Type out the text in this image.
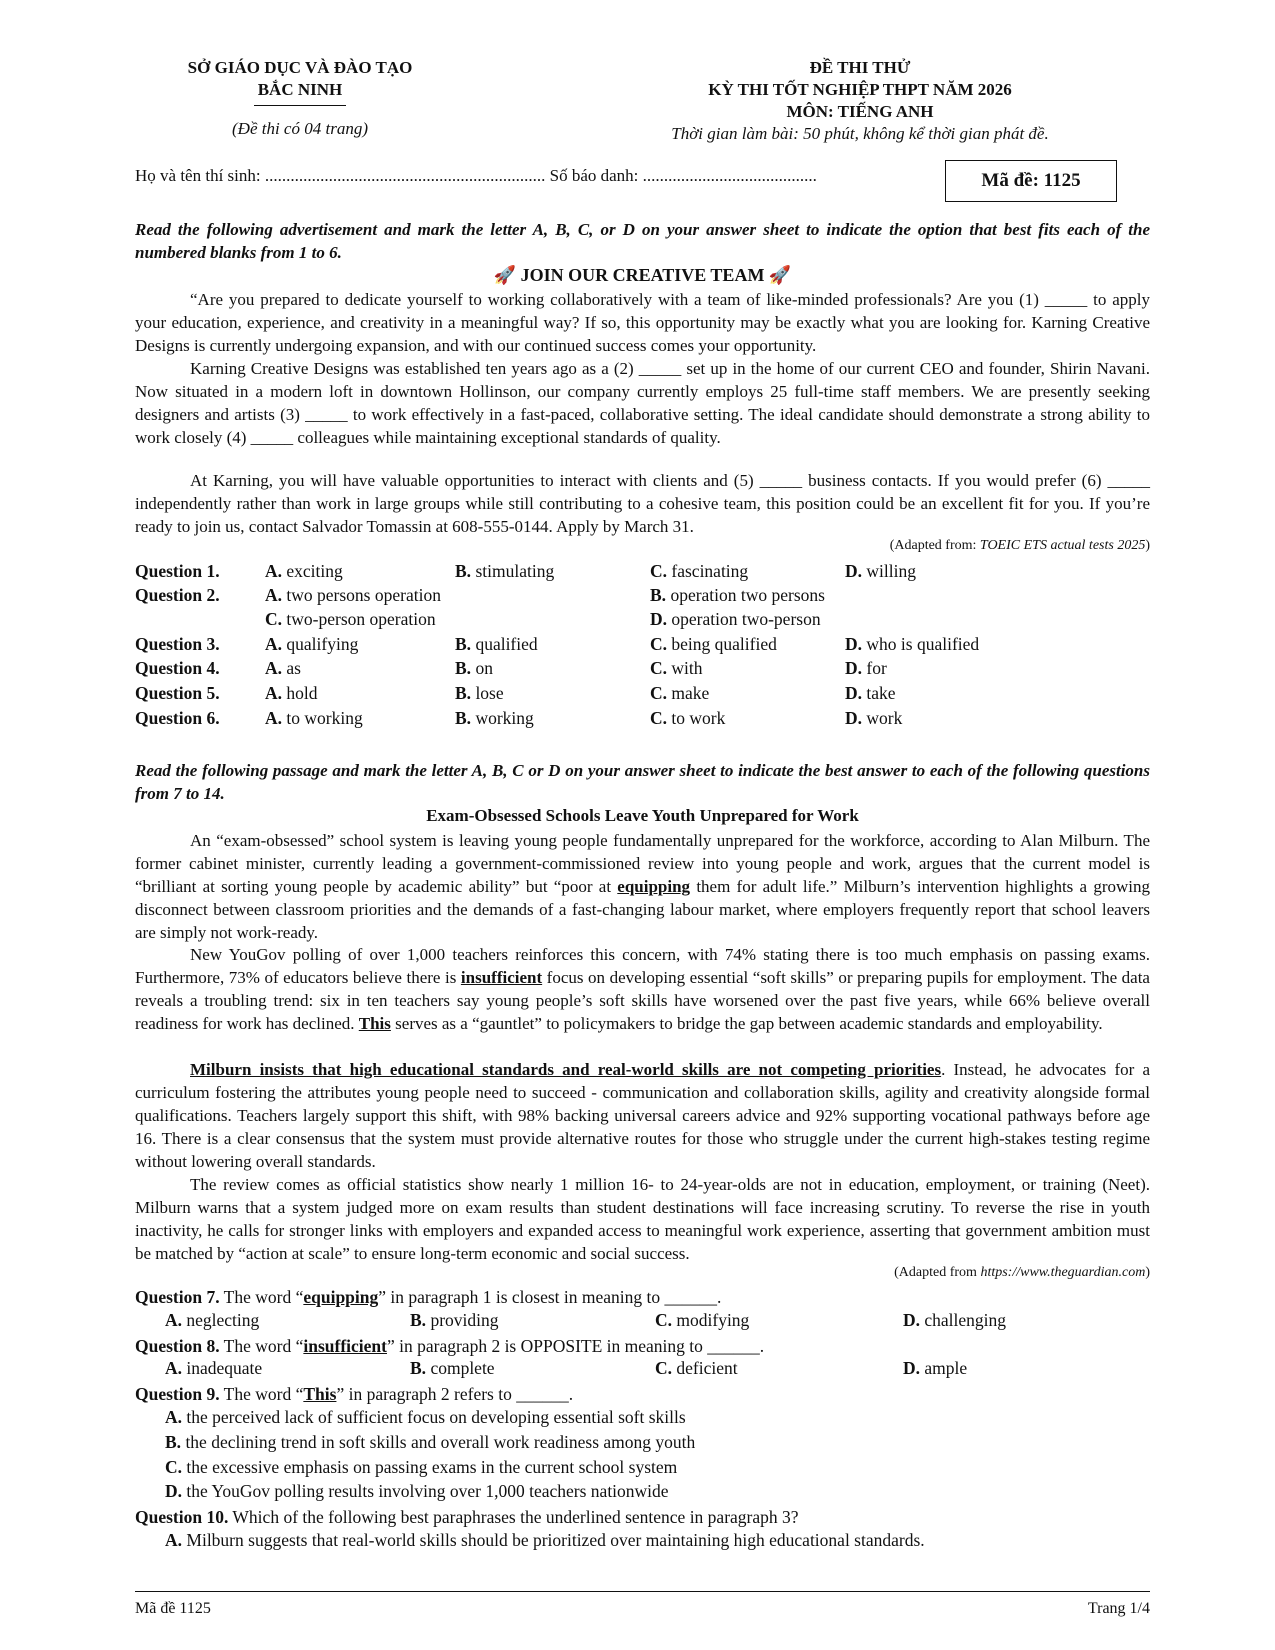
SỞ GIÁO DỤC VÀ ĐÀO TẠO
BẮC NINH
(Đề thi có 04 trang)
ĐỀ THI THỬ
KỲ THI TỐT NGHIỆP THPT NĂM 2026
MÔN: TIẾNG ANH
Thời gian làm bài: 50 phút, không kể thời gian phát đề.
Họ và tên thí sinh: .................................................................. Số báo danh: .........................................	Mã đề: 1125
Read the following advertisement and mark the letter A, B, C, or D on your answer sheet to indicate the option that best fits each of the numbered blanks from 1 to 6.
🚀 JOIN OUR CREATIVE TEAM 🚀
“Are you prepared to dedicate yourself to working collaboratively with a team of like-minded professionals? Are you (1) _____ to apply your education, experience, and creativity in a meaningful way? If so, this opportunity may be exactly what you are looking for. Karning Creative Designs is currently undergoing expansion, and with our continued success comes your opportunity.
Karning Creative Designs was established ten years ago as a (2) _____ set up in the home of our current CEO and founder, Shirin Navani. Now situated in a modern loft in downtown Hollinson, our company currently employs 25 full-time staff members. We are presently seeking designers and artists (3) _____ to work effectively in a fast-paced, collaborative setting. The ideal candidate should demonstrate a strong ability to work closely (4) _____ colleagues while maintaining exceptional standards of quality.
At Karning, you will have valuable opportunities to interact with clients and (5) _____ business contacts. If you would prefer (6) _____ independently rather than work in large groups while still contributing to a cohesive team, this position could be an excellent fit for you. If you’re ready to join us, contact Salvador Tomassin at 608-555-0144. Apply by March 31.
(Adapted from: TOEIC ETS actual tests 2025)
Question 1.	A. exciting	B. stimulating	C. fascinating	D. willing
Question 2.	A. two persons operation	B. operation two persons
C. two-person operation	D. operation two-person
Question 3.	A. qualifying	B. qualified	C. being qualified	D. who is qualified
Question 4.	A. as	B. on	C. with	D. for
Question 5.	A. hold	B. lose	C. make	D. take
Question 6.	A. to working	B. working	C. to work	D. work
Read the following passage and mark the letter A, B, C or D on your answer sheet to indicate the best answer to each of the following questions from 7 to 14.
Exam-Obsessed Schools Leave Youth Unprepared for Work
An “exam-obsessed” school system is leaving young people fundamentally unprepared for the workforce, according to Alan Milburn. The former cabinet minister, currently leading a government-commissioned review into young people and work, argues that the current model is “brilliant at sorting young people by academic ability” but “poor at equipping them for adult life.” Milburn’s intervention highlights a growing disconnect between classroom priorities and the demands of a fast-changing labour market, where employers frequently report that school leavers are simply not work-ready.
New YouGov polling of over 1,000 teachers reinforces this concern, with 74% stating there is too much emphasis on passing exams. Furthermore, 73% of educators believe there is insufficient focus on developing essential “soft skills” or preparing pupils for employment. The data reveals a troubling trend: six in ten teachers say young people’s soft skills have worsened over the past five years, while 66% believe overall readiness for work has declined. This serves as a “gauntlet” to policymakers to bridge the gap between academic standards and employability.
Milburn insists that high educational standards and real-world skills are not competing priorities. Instead, he advocates for a curriculum fostering the attributes young people need to succeed - communication and collaboration skills, agility and creativity alongside formal qualifications. Teachers largely support this shift, with 98% backing universal careers advice and 92% supporting vocational pathways before age 16. There is a clear consensus that the system must provide alternative routes for those who struggle under the current high-stakes testing regime without lowering overall standards.
The review comes as official statistics show nearly 1 million 16- to 24-year-olds are not in education, employment, or training (Neet). Milburn warns that a system judged more on exam results than student destinations will face increasing scrutiny. To reverse the rise in youth inactivity, he calls for stronger links with employers and expanded access to meaningful work experience, asserting that government ambition must be matched by “action at scale” to ensure long-term economic and social success.
(Adapted from https://www.theguardian.com)
Question 7. The word “equipping” in paragraph 1 is closest in meaning to ______.
A. neglecting	B. providing	C. modifying	D. challenging
Question 8. The word “insufficient” in paragraph 2 is OPPOSITE in meaning to ______.
A. inadequate	B. complete	C. deficient	D. ample
Question 9. The word “This” in paragraph 2 refers to ______.
A. the perceived lack of sufficient focus on developing essential soft skills
B. the declining trend in soft skills and overall work readiness among youth
C. the excessive emphasis on passing exams in the current school system
D. the YouGov polling results involving over 1,000 teachers nationwide
Question 10. Which of the following best paraphrases the underlined sentence in paragraph 3?
A. Milburn suggests that real-world skills should be prioritized over maintaining high educational standards.
Mã đề 1125	Trang 1/4
